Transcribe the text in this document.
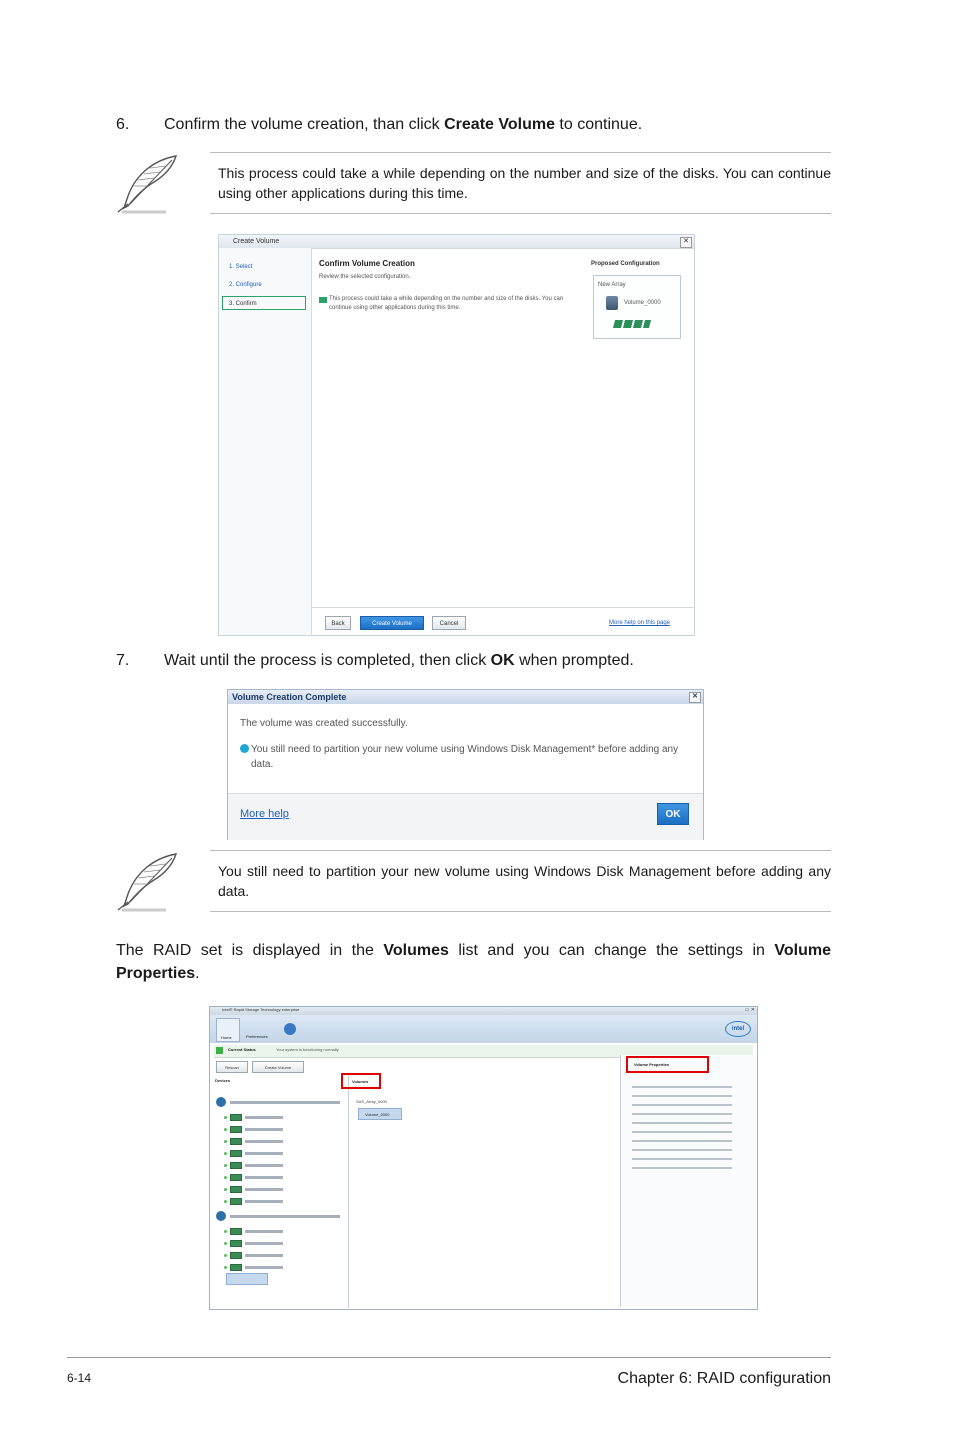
6. Confirm the volume creation, than click Create Volume to continue.

This process could take a while depending on the number and size of the disks. You can continue using other applications during this time.

Create Volume	✕
1. Select
2. Configure
3. Confirm
Confirm Volume Creation
Review the selected configuration.
This process could take a while depending on the number and size of the disks. You can continue using other applications during this time.
Proposed Configuration
New Array
Volume_0000
Back	Create Volume	Cancel	More help on this page
7. Wait until the process is completed, then click OK when prompted.
Volume Creation Complete	✕
The volume was created successfully.
You still need to partition your new volume using Windows Disk Management* before adding any data.
More help	OK

You still need to partition your new volume using Windows Disk Management before adding any data.

The RAID set is displayed in the Volumes list and you can change the settings in Volume Properties.
Intel® Rapid Storage Technology enterprise	▭ ✕
Home	Preferences
intel
Current Status	Your system is functioning normally.
Rescan	Create Volume
Devices	Volumes
SAS_Array_0000
Volume_0000
Volume Properties
6-14	Chapter 6: RAID configuration
